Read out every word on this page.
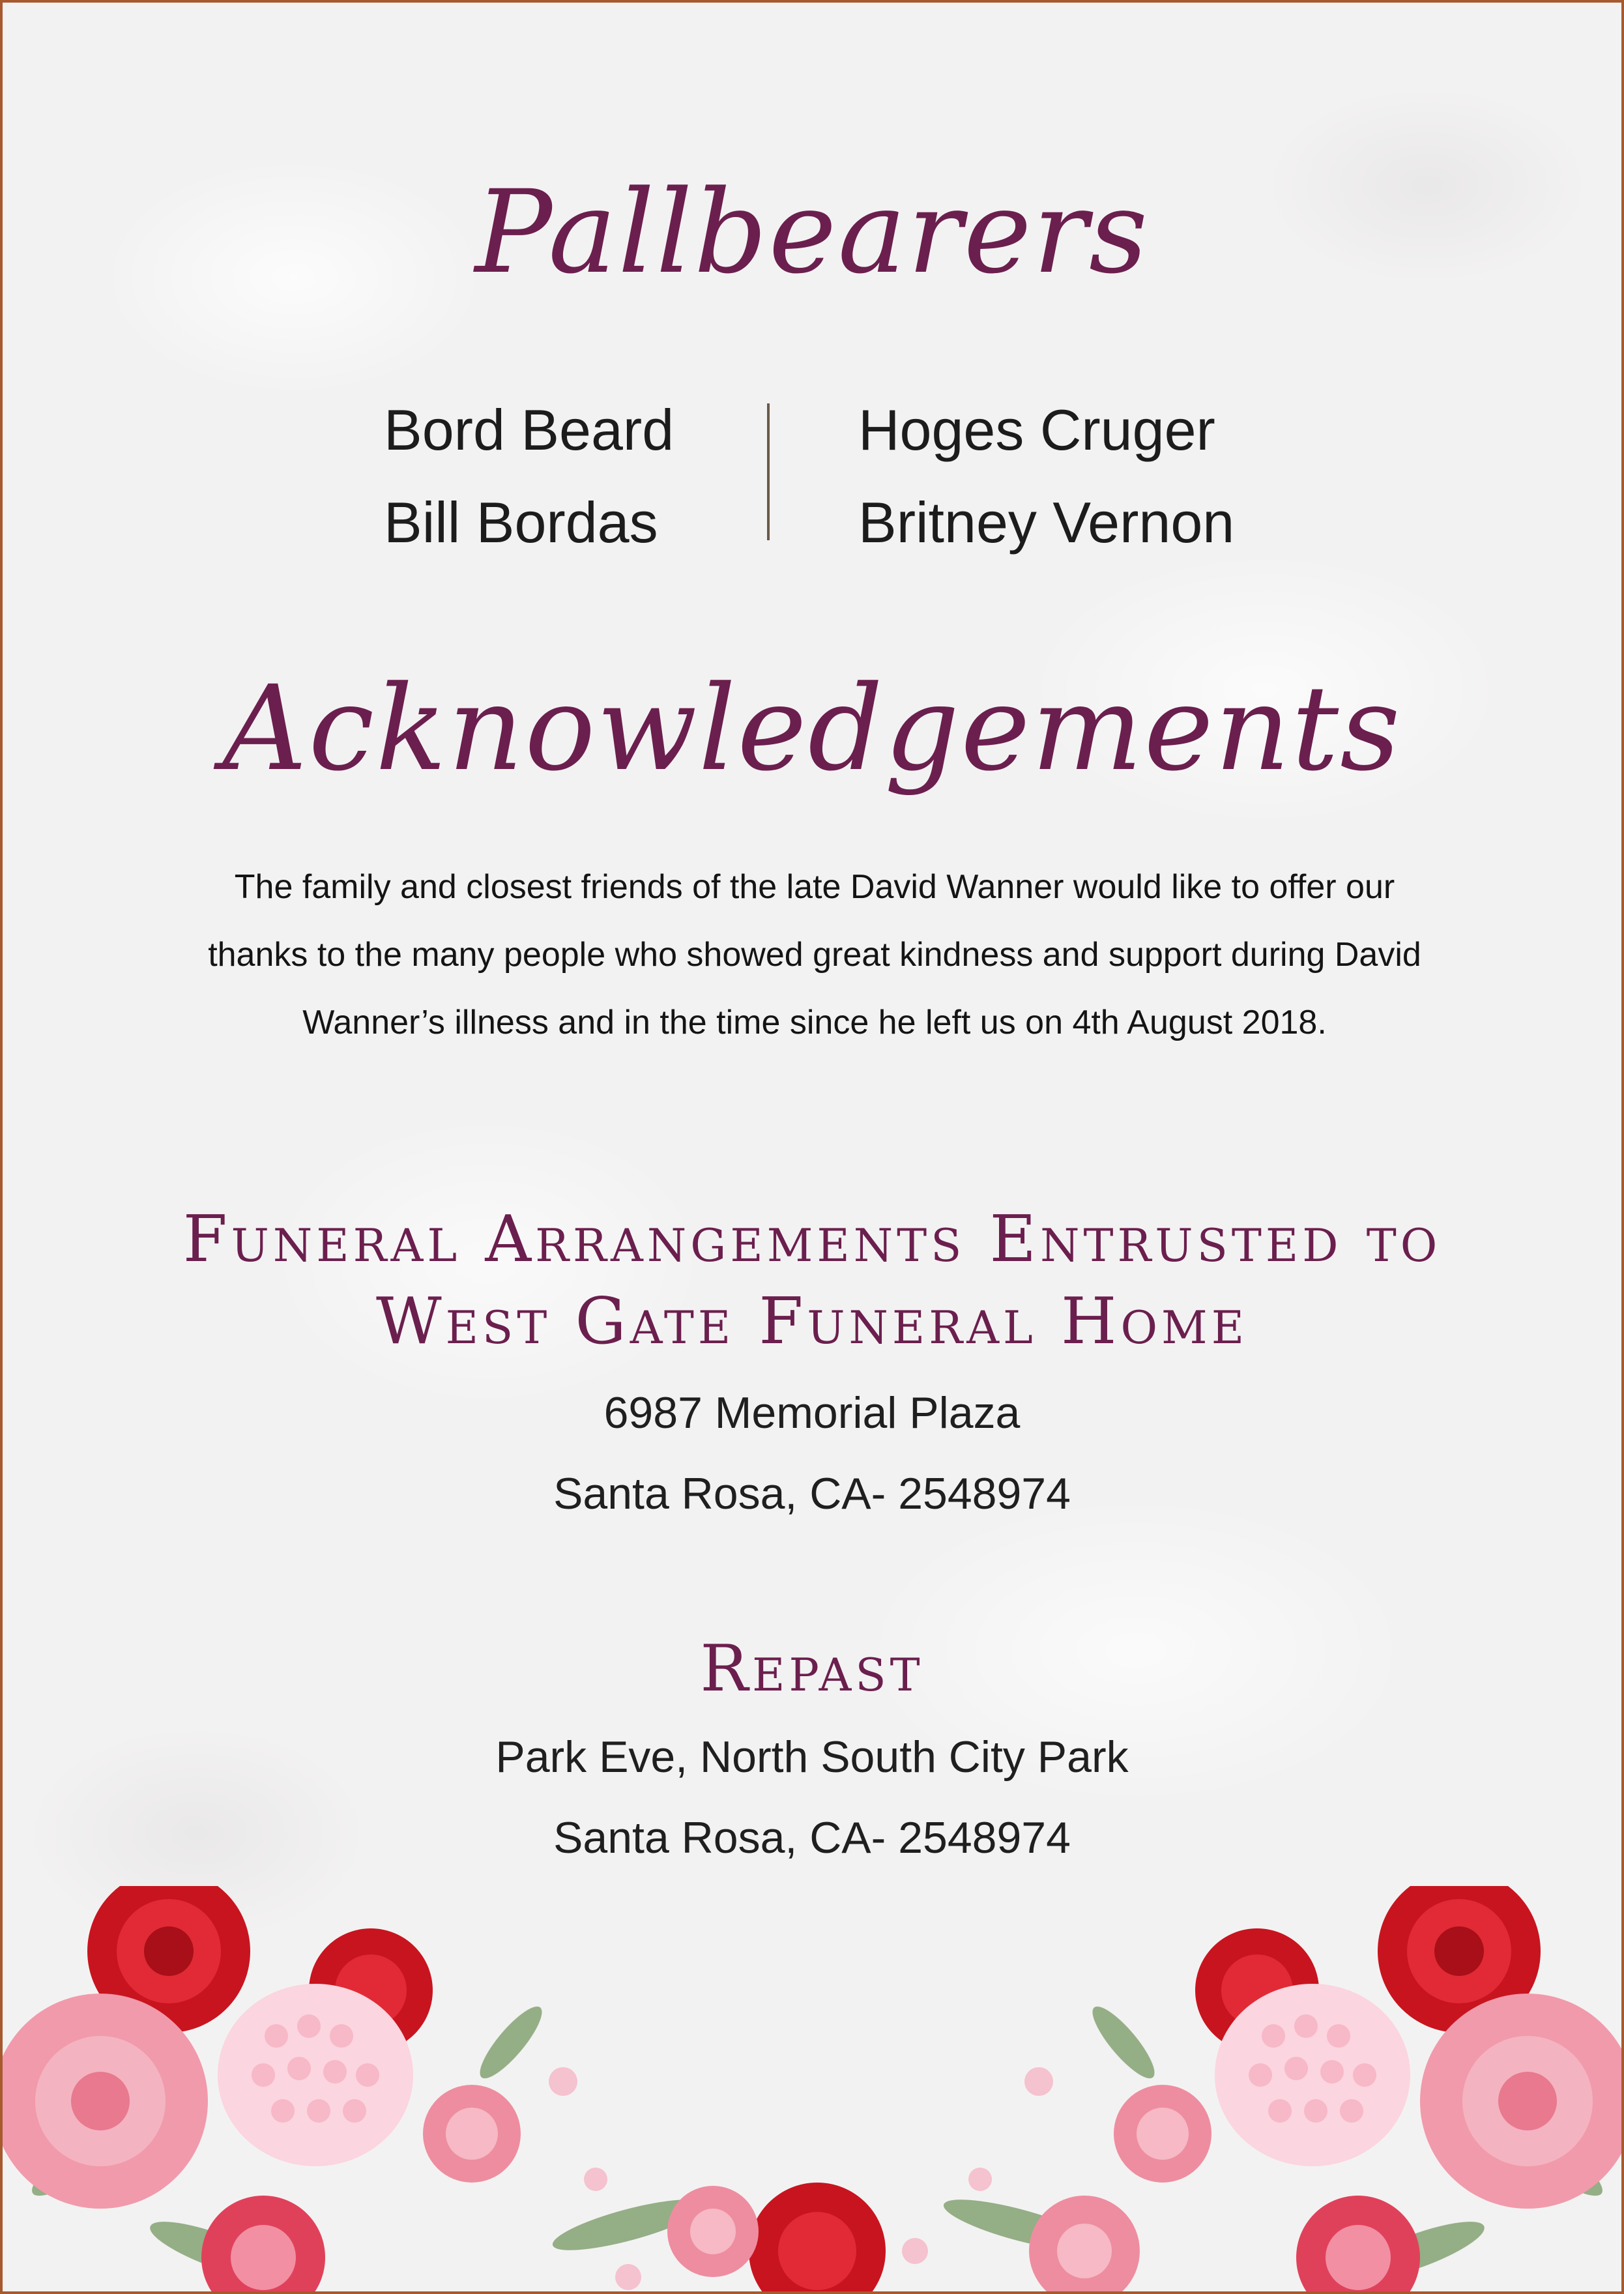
Pallbearers
Bord Beard
Bill Bordas
Hoges Cruger
Britney Vernon
Acknowledgements
The family and closest friends of the late David Wanner would like to offer our
thanks to the many people who showed great kindness and support during David
Wanner’s illness and in the time since he left us on 4th August 2018.
Funeral Arrangements Entrusted to
West Gate Funeral Home
6987 Memorial Plaza
Santa Rosa, CA- 2548974
Repast
Park Eve, North South City Park
Santa Rosa, CA- 2548974
